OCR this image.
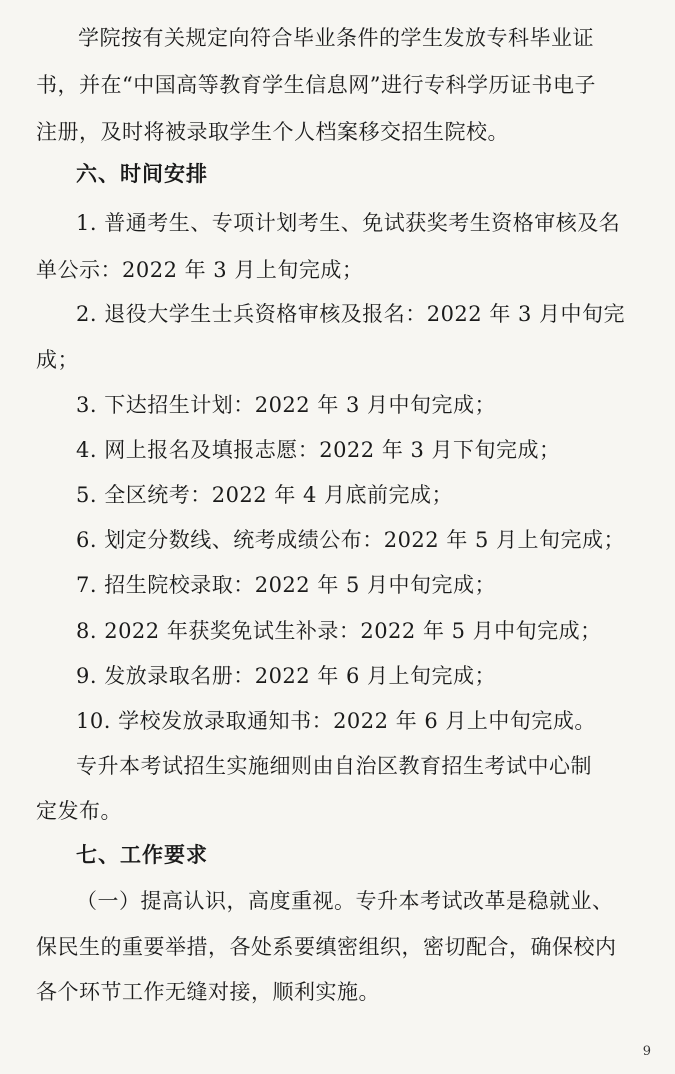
学院按有关规定向符合毕业条件的学生发放专科毕业证
书，并在“中国高等教育学生信息网”进行专科学历证书电子
注册，及时将被录取学生个人档案移交招生院校。
六、时间安排
1. 普通考生、专项计划考生、免试获奖考生资格审核及名
单公示：2022 年 3 月上旬完成；
2. 退役大学生士兵资格审核及报名：2022 年 3 月中旬完
成；
3. 下达招生计划：2022 年 3 月中旬完成；
4. 网上报名及填报志愿：2022 年 3 月下旬完成；
5. 全区统考：2022 年 4 月底前完成；
6. 划定分数线、统考成绩公布：2022 年 5 月上旬完成；
7. 招生院校录取：2022 年 5 月中旬完成；
8. 2022 年获奖免试生补录：2022 年 5 月中旬完成；
9. 发放录取名册：2022 年 6 月上旬完成；
10. 学校发放录取通知书：2022 年 6 月上中旬完成。
专升本考试招生实施细则由自治区教育招生考试中心制
定发布。
七、工作要求
（一）提高认识，高度重视。专升本考试改革是稳就业、
保民生的重要举措，各处系要缜密组织，密切配合，确保校内
各个环节工作无缝对接，顺利实施。
9
